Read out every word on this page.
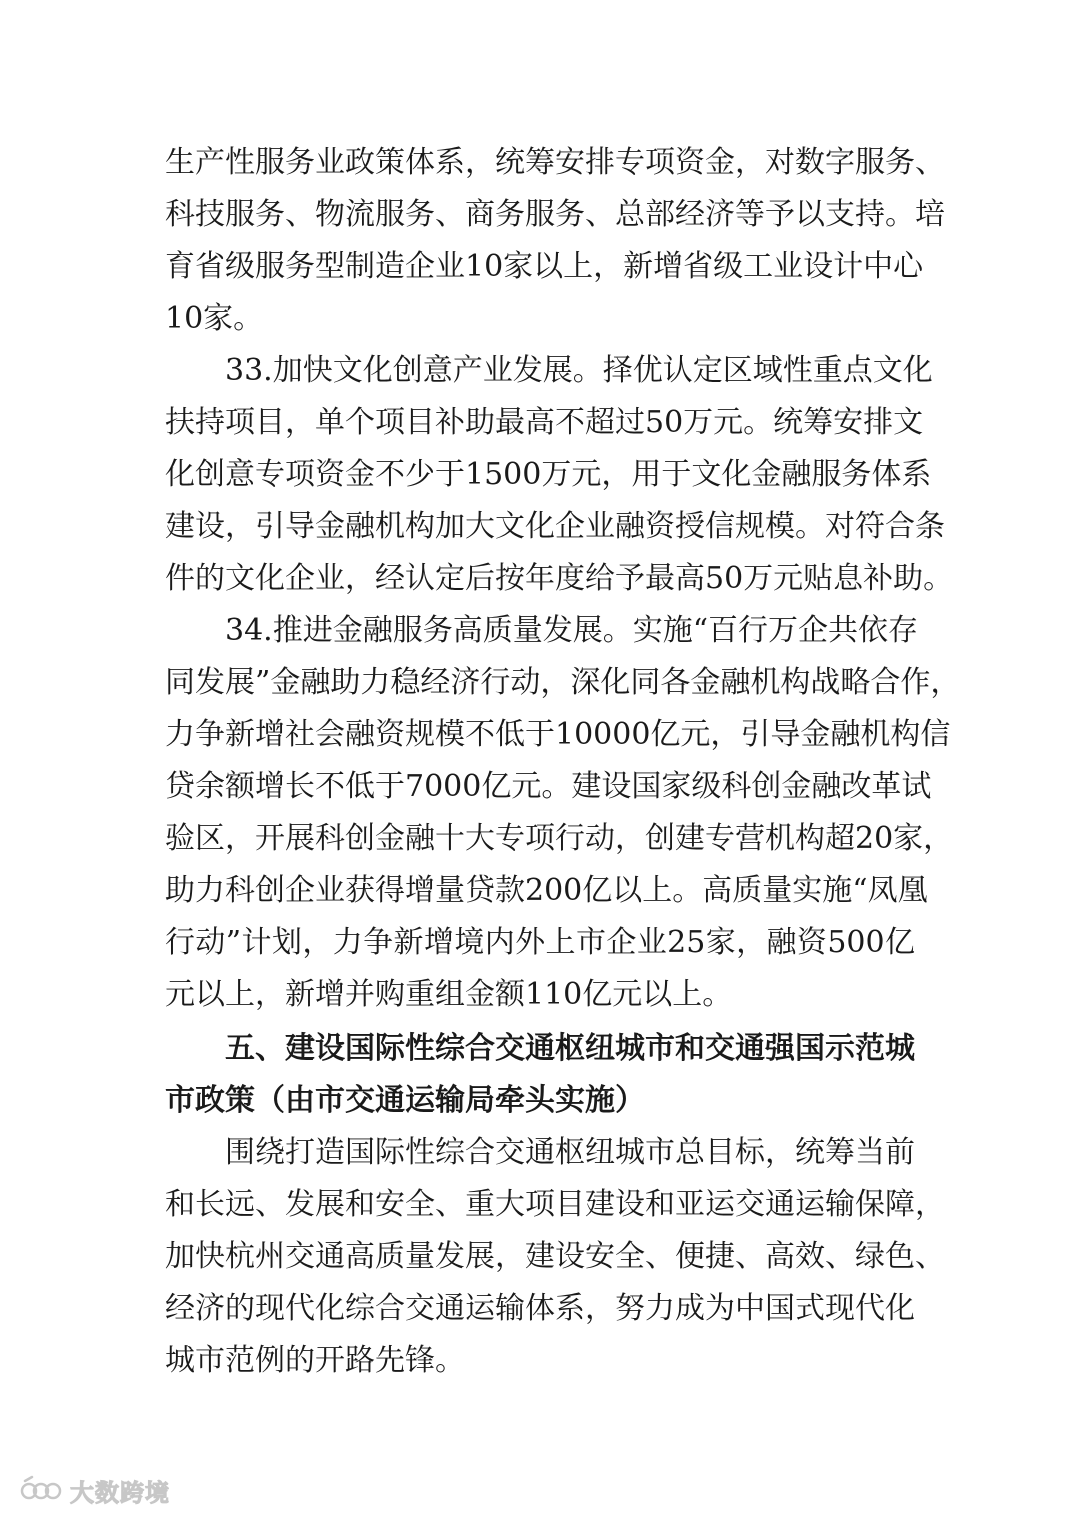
生产性服务业政策体系，统筹安排专项资金，对数字服务、
科技服务、物流服务、商务服务、总部经济等予以支持。培
育省级服务型制造企业10家以上，新增省级工业设计中心
10家。
33.加快文化创意产业发展。择优认定区域性重点文化
扶持项目，单个项目补助最高不超过50万元。统筹安排文
化创意专项资金不少于1500万元，用于文化金融服务体系
建设，引导金融机构加大文化企业融资授信规模。对符合条
件的文化企业，经认定后按年度给予最高50万元贴息补助。
34.推进金融服务高质量发展。实施“百行万企共依存
同发展”金融助力稳经济行动，深化同各金融机构战略合作，
力争新增社会融资规模不低于10000亿元，引导金融机构信
贷余额增长不低于7000亿元。建设国家级科创金融改革试
验区，开展科创金融十大专项行动，创建专营机构超20家，
助力科创企业获得增量贷款200亿以上。高质量实施“凤凰
行动”计划，力争新增境内外上市企业25家，融资500亿
元以上，新增并购重组金额110亿元以上。
五、建设国际性综合交通枢纽城市和交通强国示范城
市政策（由市交通运输局牵头实施）
围绕打造国际性综合交通枢纽城市总目标，统筹当前
和长远、发展和安全、重大项目建设和亚运交通运输保障，
加快杭州交通高质量发展，建设安全、便捷、高效、绿色、
经济的现代化综合交通运输体系，努力成为中国式现代化
城市范例的开路先锋。
大数跨境
